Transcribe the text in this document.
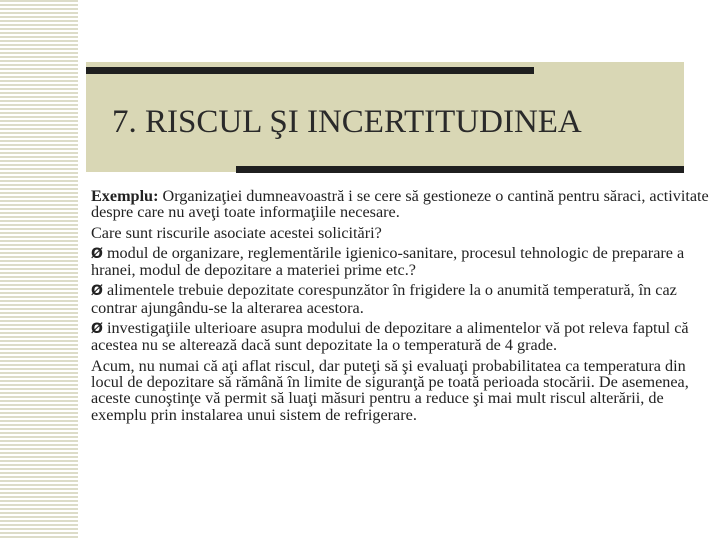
7. RISCUL ŞI INCERTITUDINEA

Exemplu: Organizaţiei dumneavoastră i se cere să gestioneze o cantină pentru săraci, activitate despre care nu aveţi toate informaţiile necesare.

Care sunt riscurile asociate acestei solicitări?

Ø modul de organizare, reglementările igienico-sanitare, procesul tehnologic de preparare a hranei, modul de depozitare a materiei prime etc.?

Ø alimentele trebuie depozitate corespunzător în frigidere la o anumită temperatură, în caz contrar ajungându-se la alterarea acestora.

Ø investigaţiile ulterioare asupra modului de depozitare a alimentelor vă pot releva faptul că acestea nu se alterează dacă sunt depozitate la o temperatură de 4 grade.

Acum, nu numai că aţi aflat riscul, dar puteţi să şi evaluaţi probabilitatea ca temperatura din locul de depozitare să rămână în limite de siguranţă pe toată perioada stocării. De asemenea, aceste cunoştinţe vă permit să luaţi măsuri pentru a reduce şi mai mult riscul alterării, de exemplu prin instalarea unui sistem de refrigerare.
